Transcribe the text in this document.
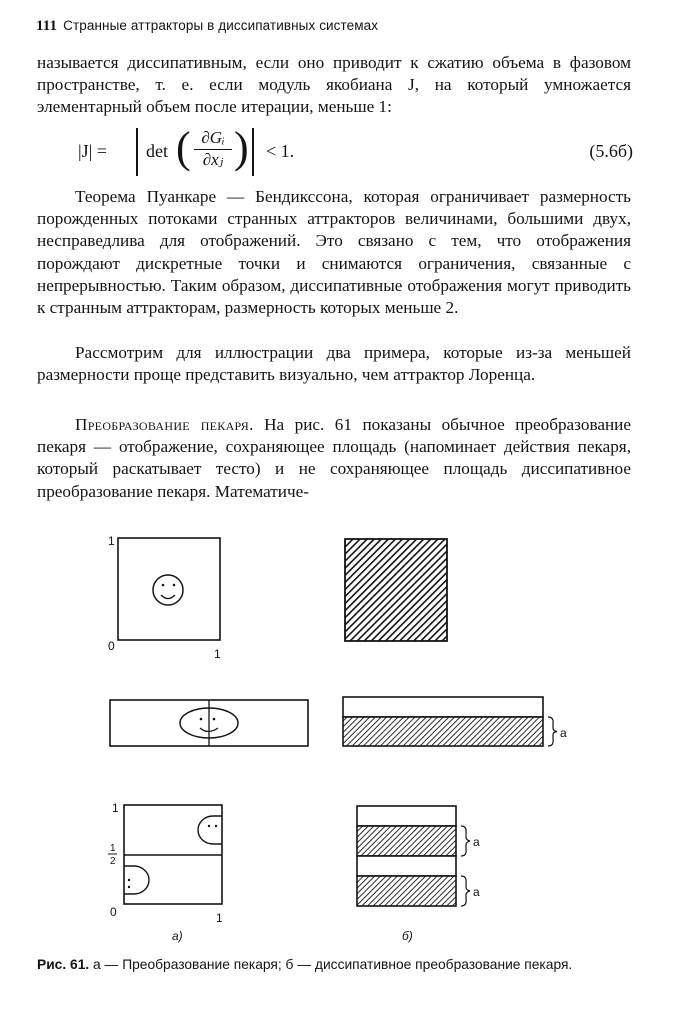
111 Странные аттракторы в диссипативных системах

называется диссипативным, если оно приводит к сжатию объема в фазовом пространстве, т. е. если модуль якобиана J, на который умножается элементарный объем после итерации, меньше 1:

|J| = det ( $\frac{\text{∂Gᵢ}}{\text{∂xⱼ}}$ ) < 1.	(5.6б)

Теорема Пуанкаре — Бендикссона, которая ограничивает размерность порожденных потоками странных аттракторов величинами, большими двух, несправедлива для отображений. Это связано с тем, что отображения порождают дискретные точки и снимаются ограничения, связанные с непрерывностью. Таким образом, диссипативные отображения могут приводить к странным аттракторам, размерность которых меньше 2.

Рассмотрим для иллюстрации два примера, которые из-за меньшей размерности проще представить визуально, чем аттрактор Лоренца.

Преобразование пекаря. На рис. 61 показаны обычное преобразование пекаря — отображение, сохраняющее площадь (напоминает действия пекаря, который раскатывает тесто) и не сохраняющее площадь диссипативное преобразование пекаря. Математиче-

1
0
1
a
1
1
2
0	1
a
a
a)	б)
Рис. 61. a — Преобразование пекаря; б — диссипативное преобразование пекаря.
